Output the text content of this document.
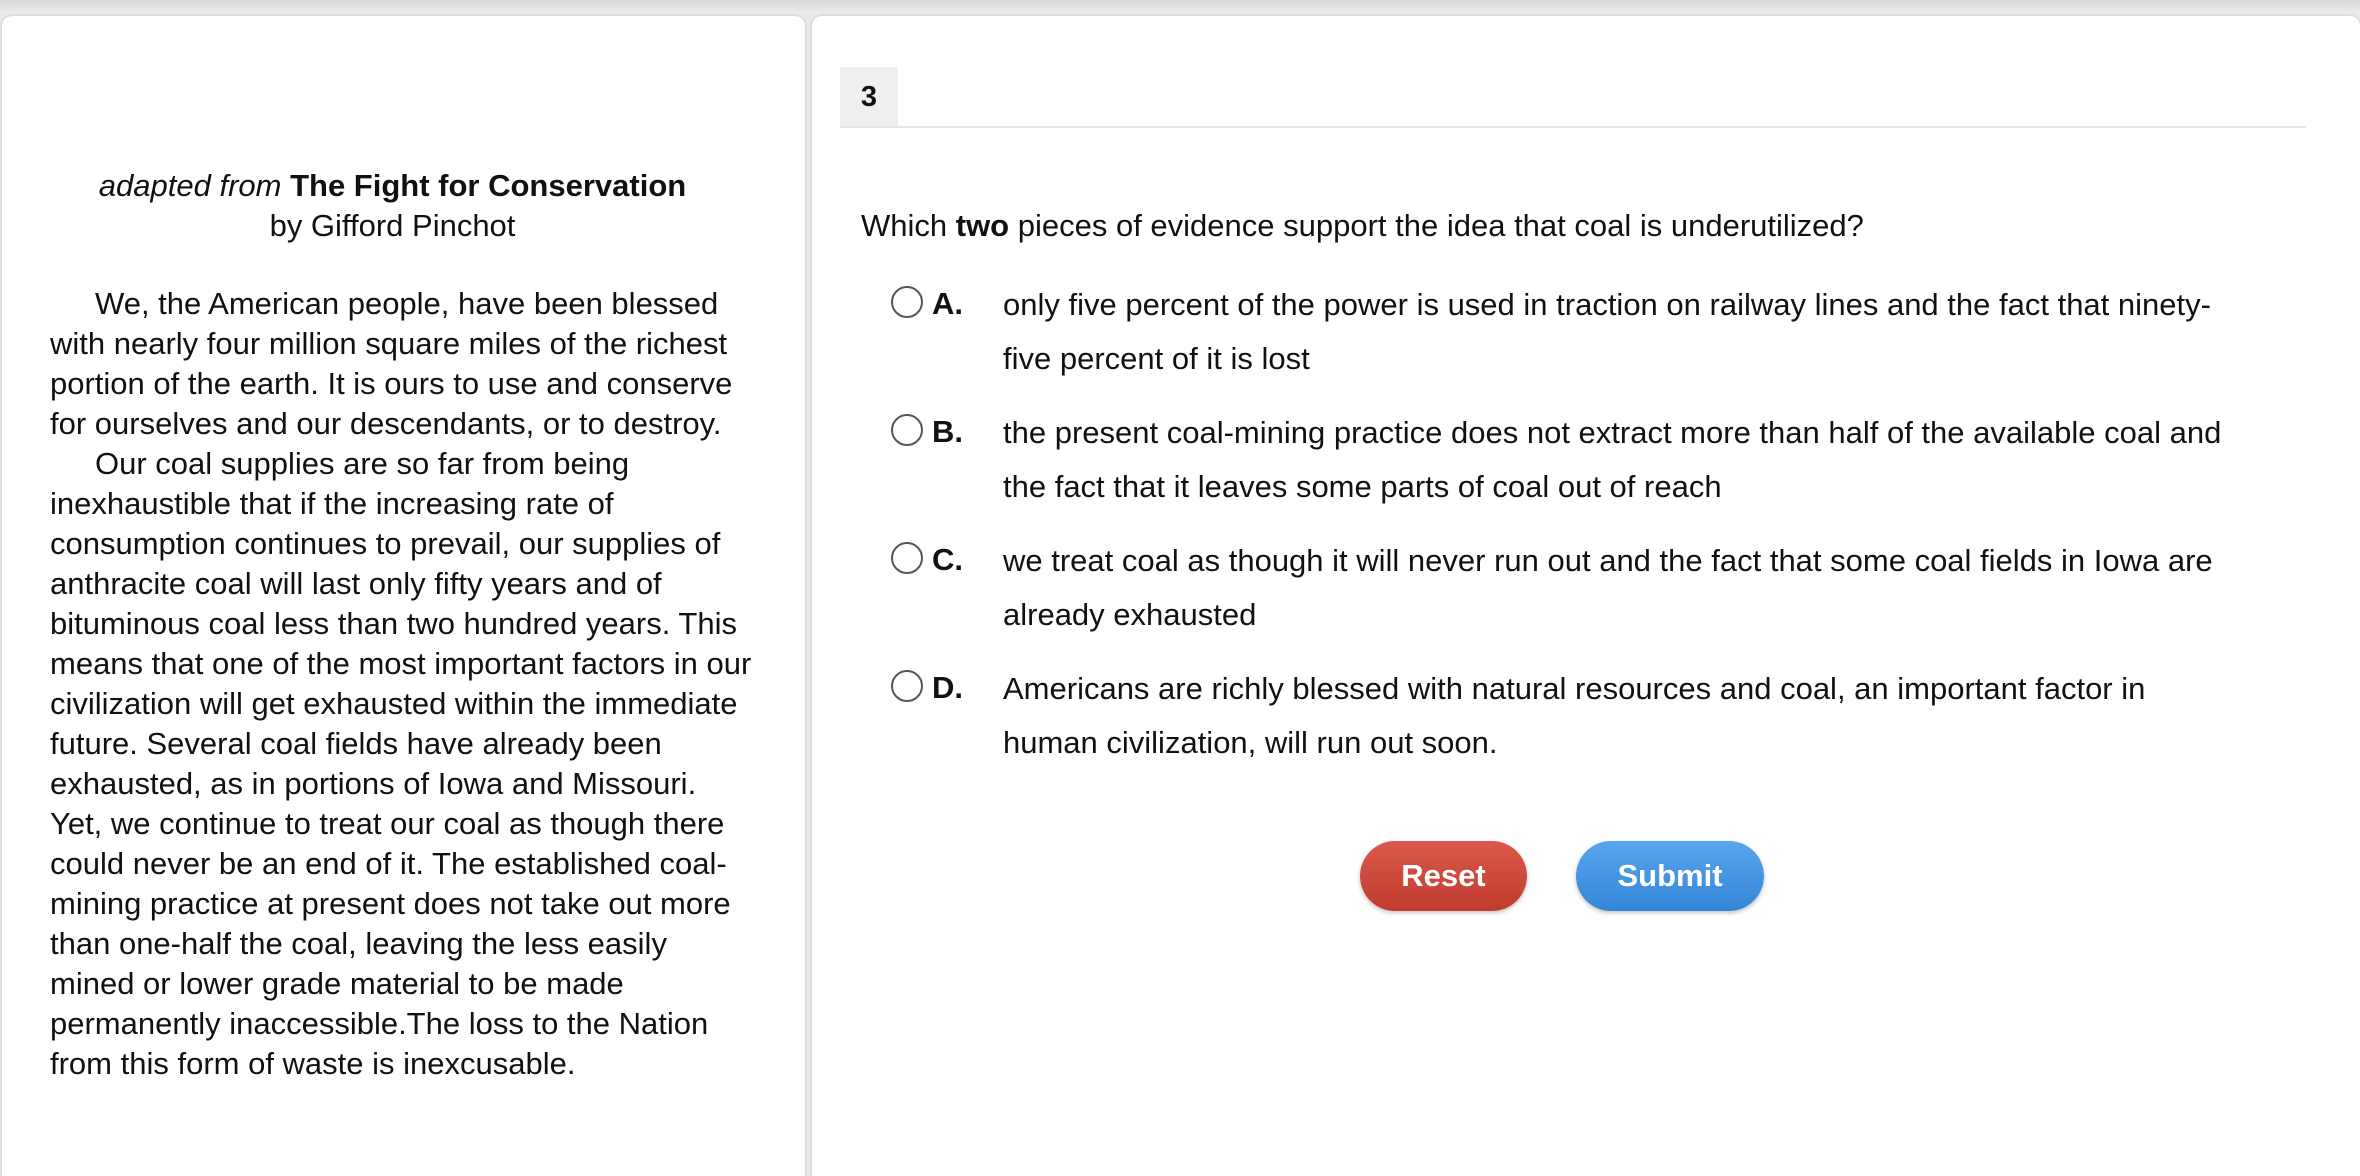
adapted from The Fight for Conservation
by Gifford Pinchot

We, the American people, have been blessed with nearly four million square miles of the richest portion of the earth. It is ours to use and conserve for ourselves and our descendants, or to destroy.

Our coal supplies are so far from being inexhaustible that if the increasing rate of consumption continues to prevail, our supplies of anthracite coal will last only fifty years and of bituminous coal less than two hundred years. This means that one of the most important factors in our civilization will get exhausted within the immediate future. Several coal fields have already been exhausted, as in portions of Iowa and Missouri. Yet, we continue to treat our coal as though there could never be an end of it. The established coal-mining practice at present does not take out more than one-half the coal, leaving the less easily mined or lower grade material to be made permanently inaccessible.The loss to the Nation from this form of waste is inexcusable.

3
Which two pieces of evidence support the idea that coal is underutilized?
A. only five percent of the power is used in traction on railway lines and the fact that ninety-five percent of it is lost
B. the present coal-mining practice does not extract more than half of the available coal and the fact that it leaves some parts of coal out of reach
C. we treat coal as though it will never run out and the fact that some coal fields in Iowa are already exhausted
D. Americans are richly blessed with natural resources and coal, an important factor in human civilization, will run out soon.
Reset	Submit
